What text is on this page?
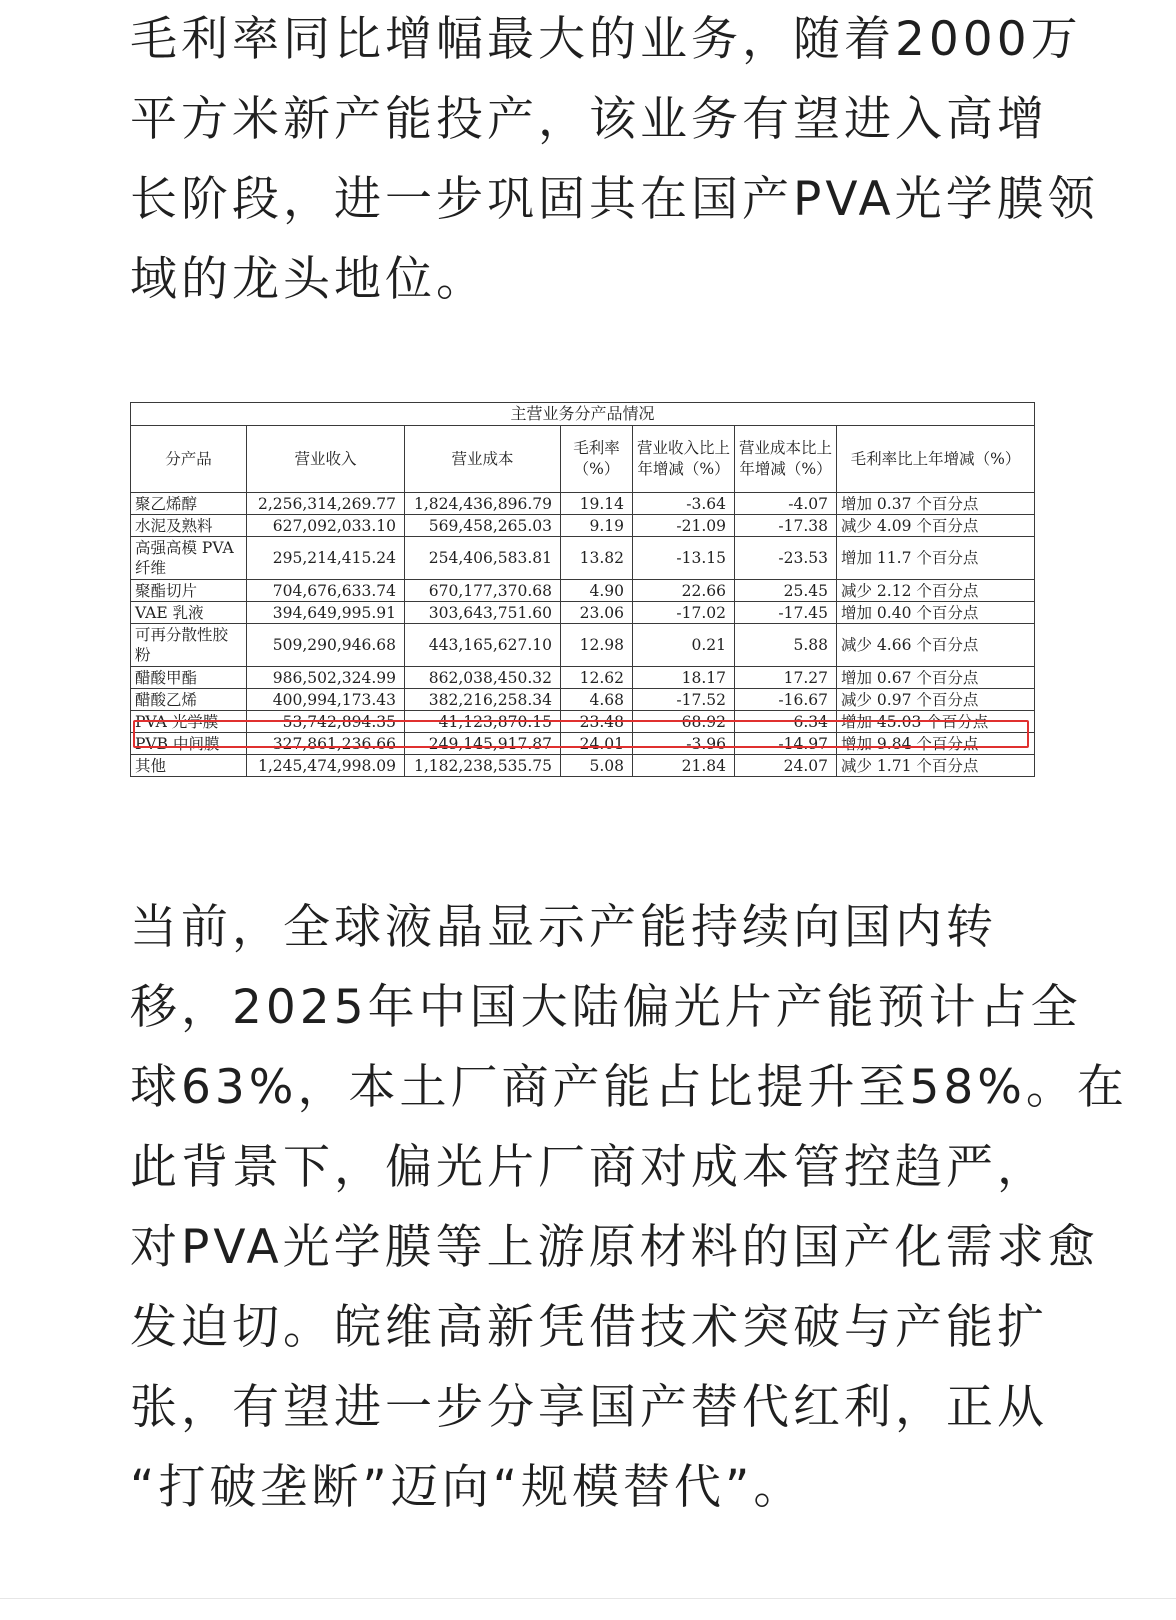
毛利率同比增幅最大的业务，随着2000万
平方米新产能投产，该业务有望进入高增
长阶段，进一步巩固其在国产PVA光学膜领
域的龙头地位。
主营业务分产品情况						
分产品	营业收入	营业成本	毛利率（%）	营业收入比上年增减（%）	营业成本比上年增减（%）	毛利率比上年增减（%）
聚乙烯醇	2,256,314,269.77	1,824,436,896.79	19.14	-3.64	-4.07	增加 0.37 个百分点
水泥及熟料	627,092,033.10	569,458,265.03	9.19	-21.09	-17.38	减少 4.09 个百分点
高强高模 PVA 纤维	295,214,415.24	254,406,583.81	13.82	-13.15	-23.53	增加 11.7 个百分点
聚酯切片	704,676,633.74	670,177,370.68	4.90	22.66	25.45	减少 2.12 个百分点
VAE 乳液	394,649,995.91	303,643,751.60	23.06	-17.02	-17.45	增加 0.40 个百分点
可再分散性胶粉	509,290,946.68	443,165,627.10	12.98	0.21	5.88	减少 4.66 个百分点
醋酸甲酯	986,502,324.99	862,038,450.32	12.62	18.17	17.27	增加 0.67 个百分点
醋酸乙烯	400,994,173.43	382,216,258.34	4.68	-17.52	-16.67	减少 0.97 个百分点
PVA 光学膜	53,742,894.35	41,123,870.15	23.48	68.92	6.34	增加 45.03 个百分点
PVB 中间膜	327,861,236.66	249,145,917.87	24.01	-3.96	-14.97	增加 9.84 个百分点
其他	1,245,474,998.09	1,182,238,535.75	5.08	21.84	24.07	减少 1.71 个百分点
当前，全球液晶显示产能持续向国内转
移，2025年中国大陆偏光片产能预计占全
球63%，本土厂商产能占比提升至58%。在
此背景下，偏光片厂商对成本管控趋严，
对PVA光学膜等上游原材料的国产化需求愈
发迫切。皖维高新凭借技术突破与产能扩
张，有望进一步分享国产替代红利，正从
“打破垄断”迈向“规模替代”。
